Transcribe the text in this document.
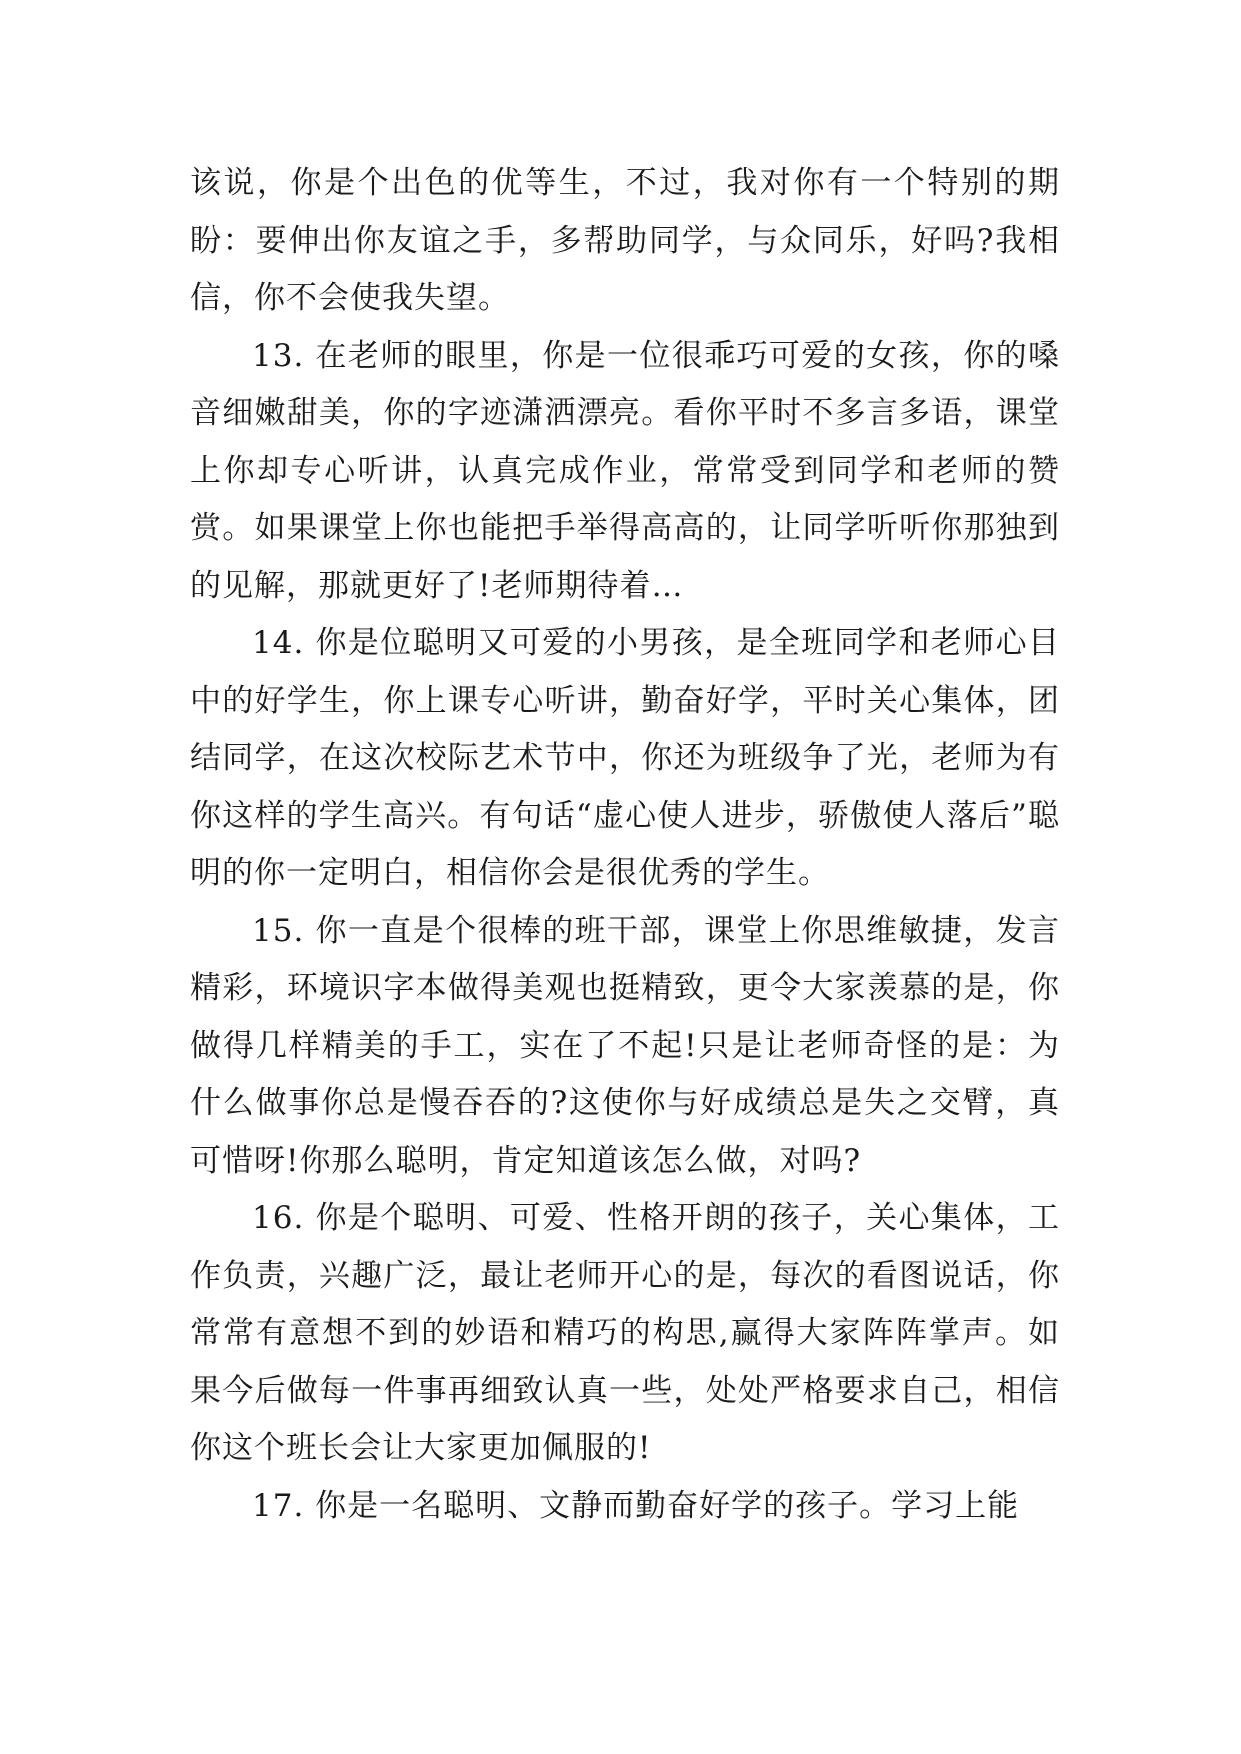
该说，你是个出色的优等生，不过，我对你有一个特别的期盼：要伸出你友谊之手，多帮助同学，与众同乐，好吗?我相信，你不会使我失望。

13. 在老师的眼里，你是一位很乖巧可爱的女孩，你的嗓音细嫩甜美，你的字迹潇洒漂亮。看你平时不多言多语，课堂上你却专心听讲，认真完成作业，常常受到同学和老师的赞赏。如果课堂上你也能把手举得高高的，让同学听听你那独到的见解，那就更好了!老师期待着…

14. 你是位聪明又可爱的小男孩，是全班同学和老师心目中的好学生，你上课专心听讲，勤奋好学，平时关心集体，团结同学，在这次校际艺术节中，你还为班级争了光，老师为有你这样的学生高兴。有句话“虚心使人进步，骄傲使人落后”聪明的你一定明白，相信你会是很优秀的学生。

15. 你一直是个很棒的班干部，课堂上你思维敏捷，发言精彩，环境识字本做得美观也挺精致，更令大家羡慕的是，你做得几样精美的手工，实在了不起!只是让老师奇怪的是：为什么做事你总是慢吞吞的?这使你与好成绩总是失之交臂，真可惜呀!你那么聪明，肯定知道该怎么做，对吗?

16. 你是个聪明、可爱、性格开朗的孩子，关心集体，工作负责，兴趣广泛，最让老师开心的是，每次的看图说话，你常常有意想不到的妙语和精巧的构思,赢得大家阵阵掌声。如果今后做每一件事再细致认真一些，处处严格要求自己，相信你这个班长会让大家更加佩服的!

17. 你是一名聪明、文静而勤奋好学的孩子。学习上能
